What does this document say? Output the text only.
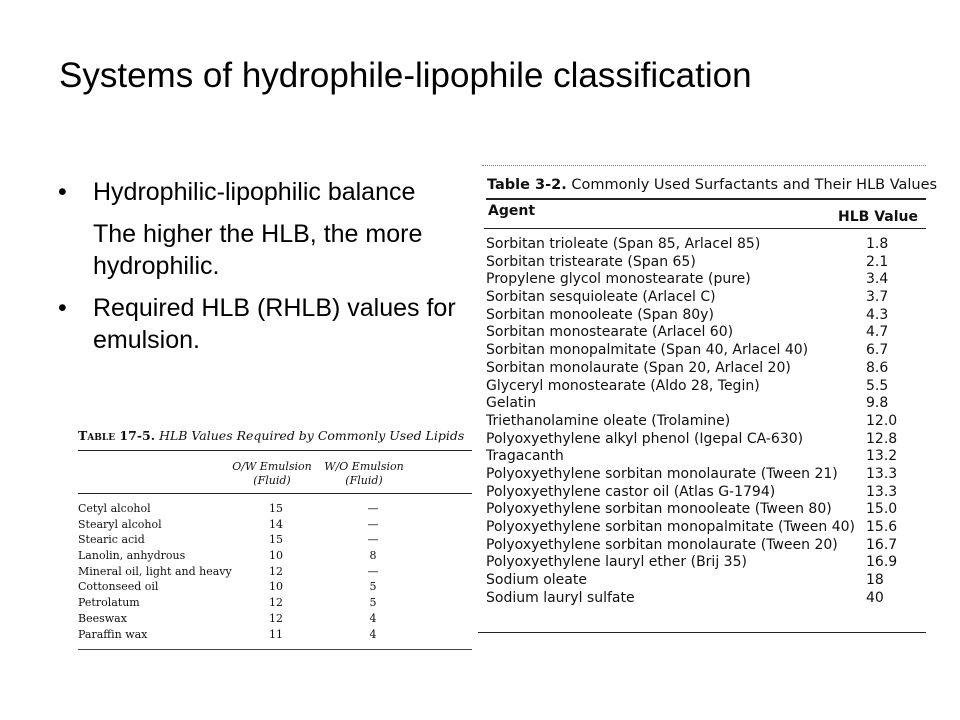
Systems of hydrophile-lipophile classification
• Hydrophilic-lipophilic balance
The higher the HLB, the more hydrophilic.
• Required HLB (RHLB) values for emulsion.
Table 3-2. Commonly Used Surfactants and Their HLB Values
Agent	HLB Value
Sorbitan trioleate (Span 85, Arlacel 85)	1.8
Sorbitan tristearate (Span 65)	2.1
Propylene glycol monostearate (pure)	3.4
Sorbitan sesquioleate (Arlacel C)	3.7
Sorbitan monooleate (Span 80y)	4.3
Sorbitan monostearate (Arlacel 60)	4.7
Sorbitan monopalmitate (Span 40, Arlacel 40)	6.7
Sorbitan monolaurate (Span 20, Arlacel 20)	8.6
Glyceryl monostearate (Aldo 28, Tegin)	5.5
Gelatin	9.8
Triethanolamine oleate (Trolamine)	12.0
Polyoxyethylene alkyl phenol (Igepal CA-630)	12.8
Tragacanth	13.2
Polyoxyethylene sorbitan monolaurate (Tween 21) 13.3
Polyoxyethylene castor oil (Atlas G-1794)	13.3
Polyoxyethylene sorbitan monooleate (Tween 80) 15.0
Polyoxyethylene sorbitan monopalmitate (Tween 40) 15.6
Polyoxyethylene sorbitan monolaurate (Tween 20) 16.7
Polyoxyethylene lauryl ether (Brij 35)	16.9
Sodium oleate	18
Sodium lauryl sulfate	40
Table 17-5. HLB Values Required by Commonly Used Lipids
O/W Emulsion
(Fluid)
W/O Emulsion
(Fluid)
Cetyl alcohol	15	—
Stearyl alcohol	14	—
Stearic acid	15	—
Lanolin, anhydrous	10	8
Mineral oil, light and heavy	12	—
Cottonseed oil	10	5
Petrolatum	12	5
Beeswax	12	4
Paraffin wax	11	4
